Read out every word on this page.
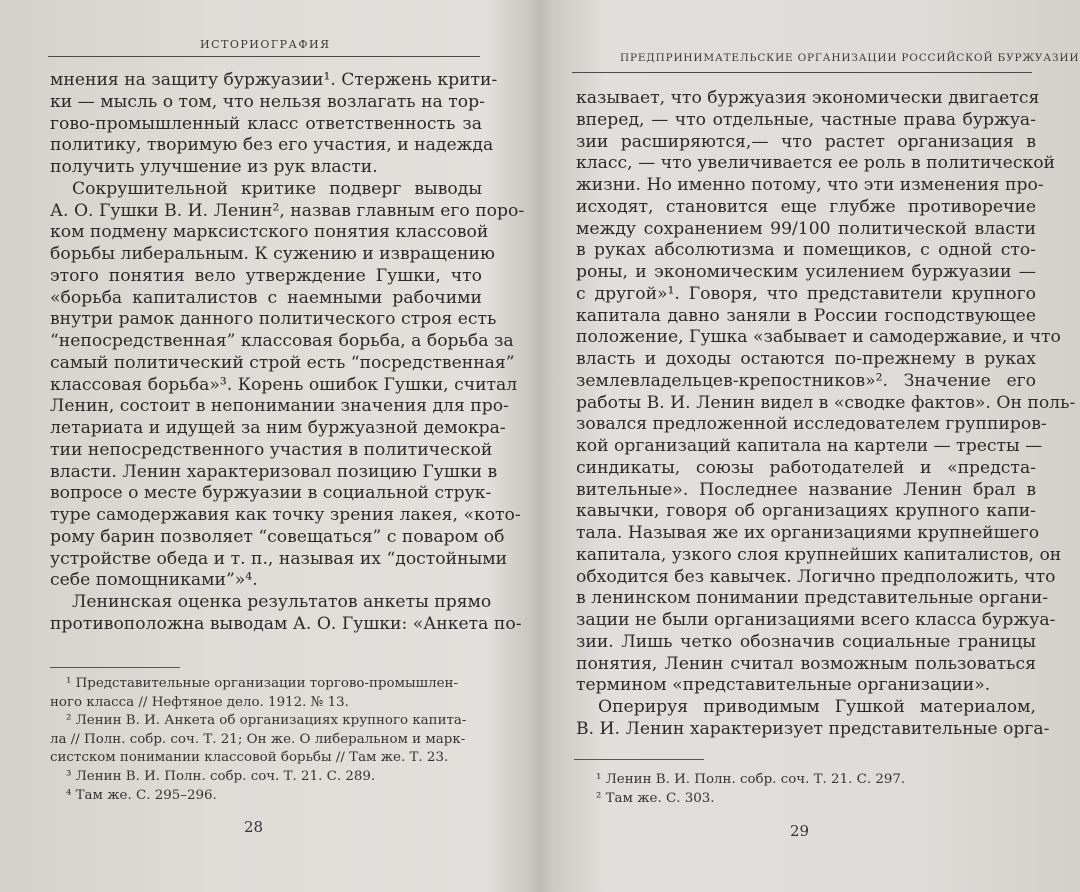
ИСТОРИОГРАФИЯ
мнения на защиту буржуазии¹. Стержень крити-
ки — мысль о том, что нельзя возлагать на тор-
гово-промышленный класс ответственность за
политику, творимую без его участия, и надежда
получить улучшение из рук власти.
Сокрушительной критике подверг выводы
А. О. Гушки В. И. Ленин², назвав главным его поро-
ком подмену марксистского понятия классовой
борьбы либеральным. К сужению и извращению
этого понятия вело утверждение Гушки, что
«борьба капиталистов с наемными рабочими
внутри рамок данного политического строя есть
“непосредственная” классовая борьба, а борьба за
самый политический строй есть “посредственная”
классовая борьба»³. Корень ошибок Гушки, считал
Ленин, состоит в непонимании значения для про-
летариата и идущей за ним буржуазной демокра-
тии непосредственного участия в политической
власти. Ленин характеризовал позицию Гушки в
вопросе о месте буржуазии в социальной струк-
туре самодержавия как точку зрения лакея, «кото-
рому барин позволяет “совещаться” с поваром об
устройстве обеда и т. п., называя их “достойными
себе помощниками”»⁴.
Ленинская оценка результатов анкеты прямо
противоположна выводам А. О. Гушки: «Анкета по-
¹ Представительные организации торгово-промышлен-
ного класса // Нефтяное дело. 1912. № 13.
² Ленин В. И. Анкета об организациях крупного капита-
ла // Полн. собр. соч. Т. 21; Он же. О либеральном и марк-
систском понимании классовой борьбы // Там же. Т. 23.
³ Ленин В. И. Полн. собр. соч. Т. 21. С. 289.
⁴ Там же. С. 295–296.
28
ПРЕДПРИНИМАТЕЛЬСКИЕ ОРГАНИЗАЦИИ РОССИЙСКОЙ БУРЖУАЗИИ
казывает, что буржуазия экономически двигается
вперед, — что отдельные, частные права буржуа-
зии расширяются,— что растет организация в
класс, — что увеличивается ее роль в политической
жизни. Но именно потому, что эти изменения про-
исходят, становится еще глубже противоречие
между сохранением 99/100 политической власти
в руках абсолютизма и помещиков, с одной сто-
роны, и экономическим усилением буржуазии —
с другой»¹. Говоря, что представители крупного
капитала давно заняли в России господствующее
положение, Гушка «забывает и самодержавие, и что
власть и доходы остаются по-прежнему в руках
землевладельцев-крепостников»². Значение его
работы В. И. Ленин видел в «сводке фактов». Он поль-
зовался предложенной исследователем группиров-
кой организаций капитала на картели — тресты —
синдикаты, союзы работодателей и «предста-
вительные». Последнее название Ленин брал в
кавычки, говоря об организациях крупного капи-
тала. Называя же их организациями крупнейшего
капитала, узкого слоя крупнейших капиталистов, он
обходится без кавычек. Логично предположить, что
в ленинском понимании представительные органи-
зации не были организациями всего класса буржуа-
зии. Лишь четко обозначив социальные границы
понятия, Ленин считал возможным пользоваться
термином «представительные организации».
Оперируя приводимым Гушкой материалом,
В. И. Ленин характеризует представительные орга-
¹ Ленин В. И. Полн. собр. соч. Т. 21. С. 297.
² Там же. С. 303.
29
